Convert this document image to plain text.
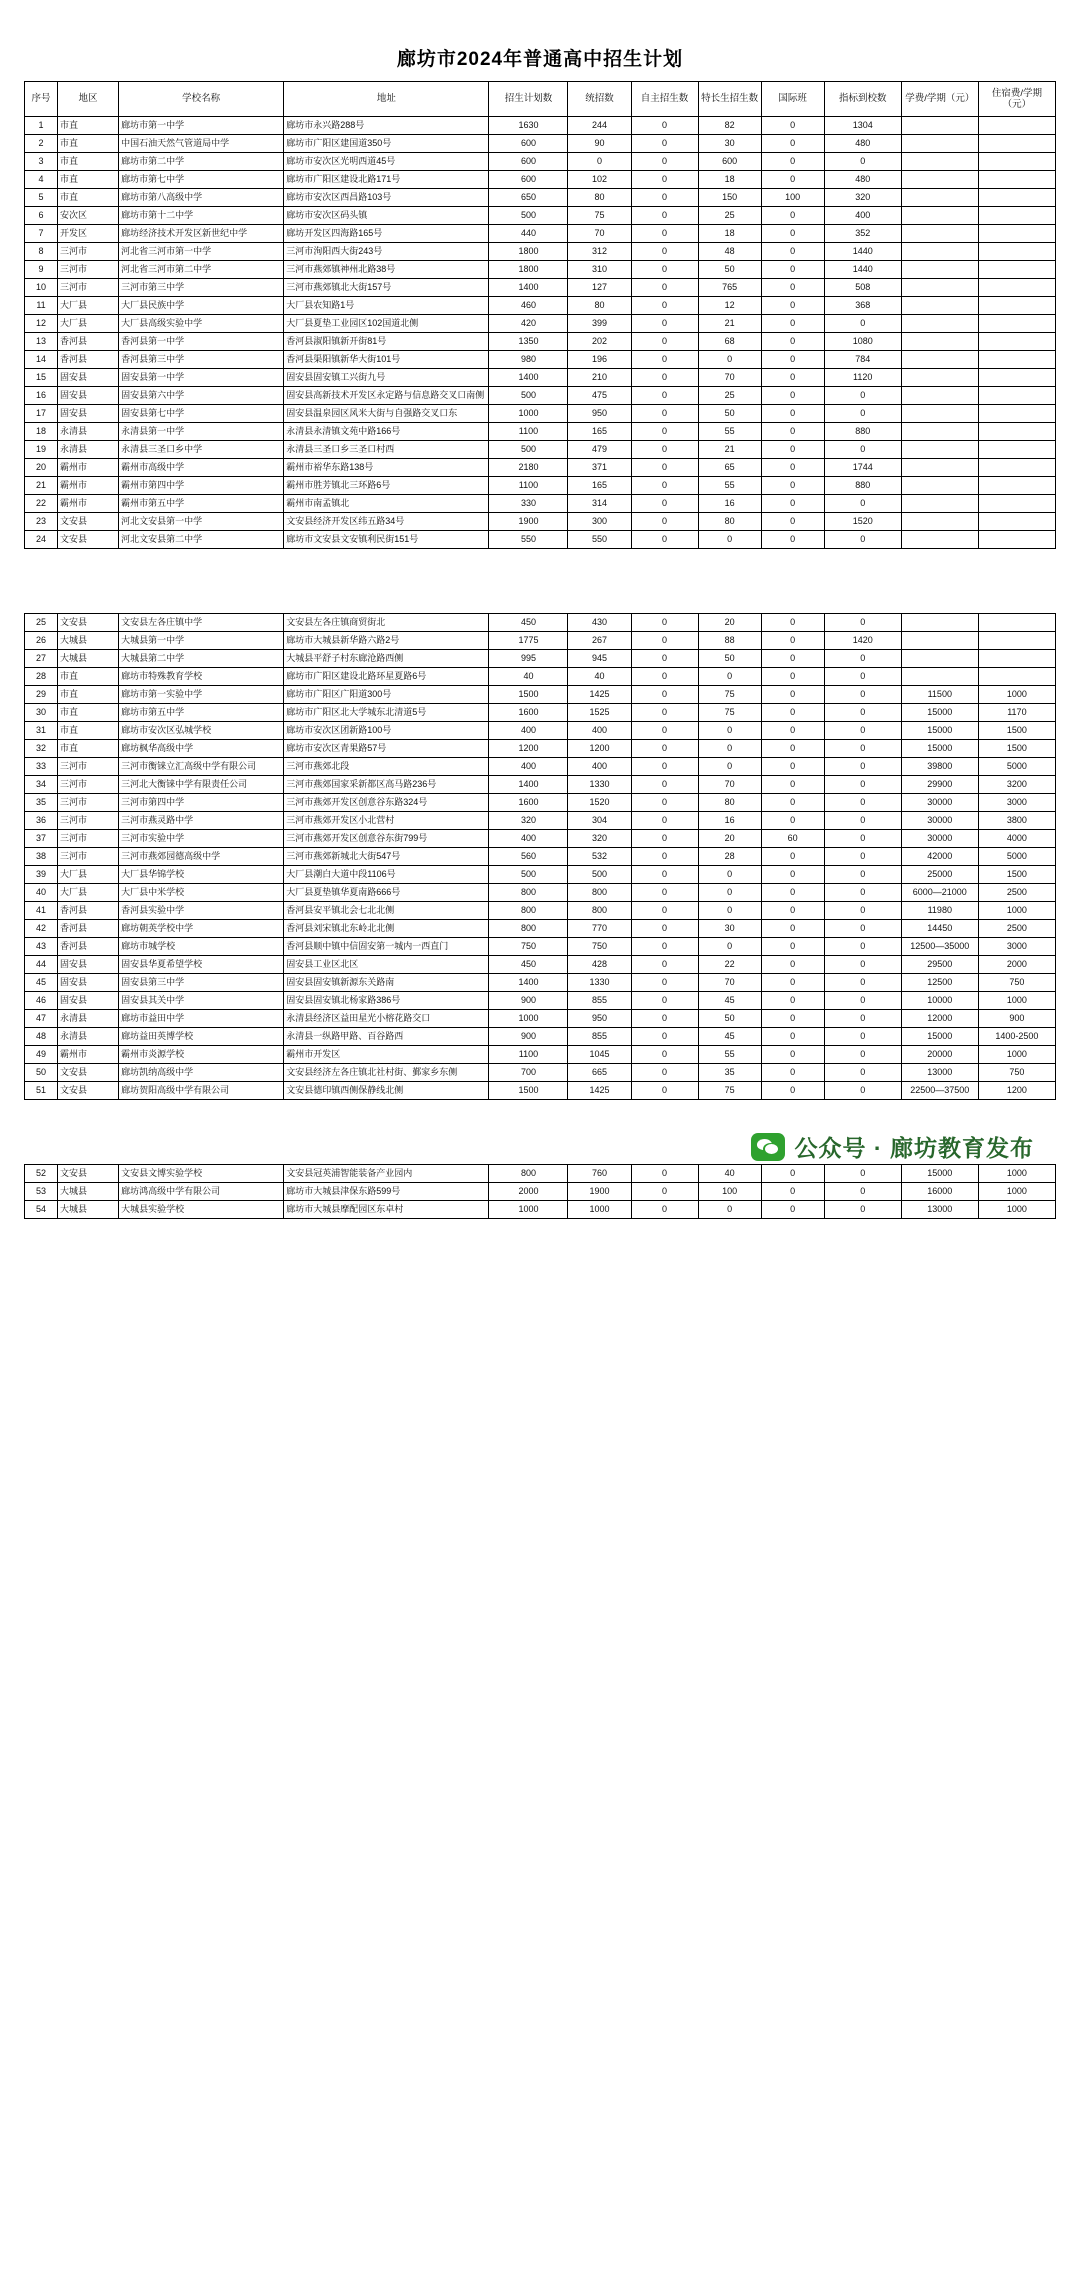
廊坊市2024年普通高中招生计划
序号	地区	学校名称	地址	招生计划数	统招数	自主招生数	特长生招生数	国际班	指标到校数	学费/学期（元）	住宿费/学期（元）
1	市直	廊坊市第一中学	廊坊市永兴路288号	1630	244	0	82	0	1304		
2	市直	中国石油天然气管道局中学	廊坊市广阳区建国道350号	600	90	0	30	0	480		
3	市直	廊坊市第二中学	廊坊市安次区光明西道45号	600	0	0	600	0	0		
4	市直	廊坊市第七中学	廊坊市广阳区建设北路171号	600	102	0	18	0	480		
5	市直	廊坊市第八高级中学	廊坊市安次区西昌路103号	650	80	0	150	100	320		
6	安次区	廊坊市第十二中学	廊坊市安次区码头镇	500	75	0	25	0	400		
7	开发区	廊坊经济技术开发区新世纪中学	廊坊开发区四海路165号	440	70	0	18	0	352		
8	三河市	河北省三河市第一中学	三河市洵阳西大街243号	1800	312	0	48	0	1440		
9	三河市	河北省三河市第二中学	三河市燕郊镇神州北路38号	1800	310	0	50	0	1440		
10	三河市	三河市第三中学	三河市燕郊镇北大街157号	1400	127	0	765	0	508		
11	大厂县	大厂县民族中学	大厂县农知路1号	460	80	0	12	0	368		
12	大厂县	大厂县高级实验中学	大厂县夏垫工业园区102国道北侧	420	399	0	21	0	0		
13	香河县	香河县第一中学	香河县淑阳镇新开街81号	1350	202	0	68	0	1080		
14	香河县	香河县第三中学	香河县渠阳镇新华大街101号	980	196	0	0	0	784		
15	固安县	固安县第一中学	固安县固安镇工兴街九号	1400	210	0	70	0	1120		
16	固安县	固安县第六中学	固安县高新技术开发区永定路与信息路交叉口南侧	500	475	0	25	0	0		
17	固安县	固安县第七中学	固安县温泉园区风米大街与自强路交叉口东	1000	950	0	50	0	0		
18	永清县	永清县第一中学	永清县永清镇文苑中路166号	1100	165	0	55	0	880		
19	永清县	永清县三圣口乡中学	永清县三圣口乡三圣口村西	500	479	0	21	0	0		
20	霸州市	霸州市高级中学	霸州市裕华东路138号	2180	371	0	65	0	1744		
21	霸州市	霸州市第四中学	霸州市胜芳镇北三环路6号	1100	165	0	55	0	880		
22	霸州市	霸州市第五中学	霸州市南孟镇北	330	314	0	16	0	0		
23	文安县	河北文安县第一中学	文安县经济开发区纬五路34号	1900	300	0	80	0	1520		
24	文安县	河北文安县第二中学	廊坊市文安县文安镇利民街151号	550	550	0	0	0	0		
25	文安县	文安县左各庄镇中学	文安县左各庄镇商贸街北	450	430	0	20	0	0		
26	大城县	大城县第一中学	廊坊市大城县新华路六路2号	1775	267	0	88	0	1420		
27	大城县	大城县第二中学	大城县平舒子村东廊沧路西侧	995	945	0	50	0	0		
28	市直	廊坊市特殊教育学校	廊坊市广阳区建设北路环星夏路6号	40	40	0	0	0	0		
29	市直	廊坊市第一实验中学	廊坊市广阳区广阳道300号	1500	1425	0	75	0	0	11500	1000
30	市直	廊坊市第五中学	廊坊市广阳区北大学城东北清道5号	1600	1525	0	75	0	0	15000	1170
31	市直	廊坊市安次区弘城学校	廊坊市安次区团新路100号	400	400	0	0	0	0	15000	1500
32	市直	廊坊枫华高级中学	廊坊市安次区青果路57号	1200	1200	0	0	0	0	15000	1500
33	三河市	三河市衡铼立汇高级中学有限公司	三河市燕郊北段	400	400	0	0	0	0	39800	5000
34	三河市	三河北大衡铼中学有限责任公司	三河市燕郊国家采新都区高马路236号	1400	1330	0	70	0	0	29900	3200
35	三河市	三河市第四中学	三河市燕郊开发区创意谷东路324号	1600	1520	0	80	0	0	30000	3000
36	三河市	三河市燕灵路中学	三河市燕郊开发区小北营村	320	304	0	16	0	0	30000	3800
37	三河市	三河市实验中学	三河市燕郊开发区创意谷东街799号	400	320	0	20	60	0	30000	4000
38	三河市	三河市燕郊园德高级中学	三河市燕郊新城北大街547号	560	532	0	28	0	0	42000	5000
39	大厂县	大厂县华锦学校	大厂县潮白大道中段1106号	500	500	0	0	0	0	25000	1500
40	大厂县	大厂县中米学校	大厂县夏垫镇华夏南路666号	800	800	0	0	0	0	6000—21000	2500
41	香河县	香河县实验中学	香河县安平镇北会七北北侧	800	800	0	0	0	0	11980	1000
42	香河县	廊坊朝英学校中学	香河县刘宋镇北东岭北北侧	800	770	0	30	0	0	14450	2500
43	香河县	廊坊市城学校	香河县顺中镇中信固安第一城内一西直门	750	750	0	0	0	0	12500—35000	3000
44	固安县	固安县华夏希望学校	固安县工业区北区	450	428	0	22	0	0	29500	2000
45	固安县	固安县第三中学	固安县固安镇新源东关路南	1400	1330	0	70	0	0	12500	750
46	固安县	固安县其关中学	固安县固安镇北杨家路386号	900	855	0	45	0	0	10000	1000
47	永清县	廊坊市益田中学	永清县经济区益田星光小榕花路交口	1000	950	0	50	0	0	12000	900
48	永清县	廊坊益田英博学校	永清县一纵路甲路、百谷路西	900	855	0	45	0	0	15000	1400-2500
49	霸州市	霸州市炎源学校	霸州市开发区	1100	1045	0	55	0	0	20000	1000
50	文安县	廊坊凯纳高级中学	文安县经济左各庄镇北社村街、鄞家乡东侧	700	665	0	35	0	0	13000	750
51	文安县	廊坊贺阳高级中学有限公司	文安县德印镇西侧保静线北侧	1500	1425	0	75	0	0	22500—37500	1200
52	文安县	文安县文博实验学校	文安县冠英浦智能装备产业园内	800	760	0	40	0	0	15000	1000
53	大城县	廊坊鸿高级中学有限公司	廊坊市大城县津保东路599号	2000	1900	0	100	0	0	16000	1000
54	大城县	大城县实验学校	廊坊市大城县摩配园区东卓村	1000	1000	0	0	0	0	13000	1000
公众号 · 廊坊教育发布
